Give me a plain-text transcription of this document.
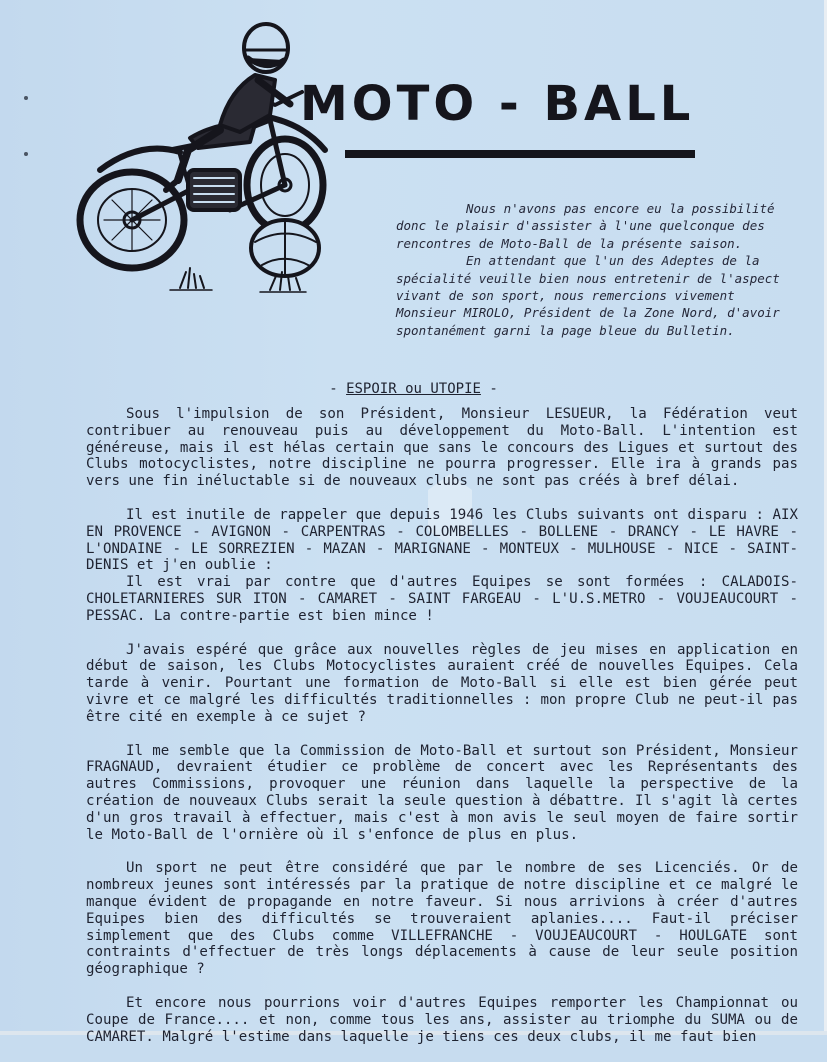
MOTO - BALL

Nous n'avons pas encore eu la possibilité donc le plaisir d'assister à l'une quelconque des rencontres de Moto-Ball de la présente saison.

En attendant que l'un des Adeptes de la spécialité veuille bien nous entretenir de l'aspect vivant de son sport, nous remercions vivement Monsieur MIROLO, Président de la Zone Nord, d'avoir spontanément garni la page bleue du Bulletin.

- ESPOIR ou UTOPIE -

Sous l'impulsion de son Président, Monsieur LESUEUR, la Fédération veut contribuer au renouveau puis au développement du Moto-Ball. L'intention est généreuse, mais il est hélas certain que sans le concours des Ligues et surtout des Clubs motocyclistes, notre discipline ne pourra progresser. Elle ira à grands pas vers une fin inéluctable si de nouveaux clubs ne sont pas créés à bref délai.

Il est inutile de rappeler que depuis 1946 les Clubs suivants ont disparu : AIX EN PROVENCE - AVIGNON - CARPENTRAS - COLOMBELLES - BOLLENE - DRANCY - LE HAVRE - L'ONDAINE - LE SORREZIEN - MAZAN - MARIGNANE - MONTEUX - MULHOUSE - NICE - SAINT-DENIS et j'en oublie :

Il est vrai par contre que d'autres Equipes se sont formées : CALADOIS- CHOLETARNIERES SUR ITON - CAMARET - SAINT FARGEAU - L'U.S.METRO - VOUJEAUCOURT - PESSAC. La contre-partie est bien mince !

J'avais espéré que grâce aux nouvelles règles de jeu mises en application en début de saison, les Clubs Motocyclistes auraient créé de nouvelles Equipes. Cela tarde à venir. Pourtant une formation de Moto-Ball si elle est bien gérée peut vivre et ce malgré les difficultés traditionnelles : mon propre Club ne peut-il pas être cité en exemple à ce sujet ?

Il me semble que la Commission de Moto-Ball et surtout son Président, Monsieur FRAGNAUD, devraient étudier ce problème de concert avec les Représentants des autres Commissions, provoquer une réunion dans laquelle la perspective de la création de nouveaux Clubs serait la seule question à débattre. Il s'agit là certes d'un gros travail à effectuer, mais c'est à mon avis le seul moyen de faire sortir le Moto-Ball de l'ornière où il s'enfonce de plus en plus.

Un sport ne peut être considéré que par le nombre de ses Licenciés. Or de nombreux jeunes sont intéressés par la pratique de notre discipline et ce malgré le manque évident de propagande en notre faveur. Si nous arrivions à créer d'autres Equipes bien des difficultés se trouveraient aplanies.... Faut-il préciser simplement que des Clubs comme VILLEFRANCHE - VOUJEAUCOURT - HOULGATE sont contraints d'effectuer de très longs déplacements à cause de leur seule position géographique ?

Et encore nous pourrions voir d'autres Equipes remporter les Championnat ou Coupe de France.... et non, comme tous les ans, assister au triomphe du SUMA ou de CAMARET. Malgré l'estime dans laquelle je tiens ces deux clubs, il me faut bien
